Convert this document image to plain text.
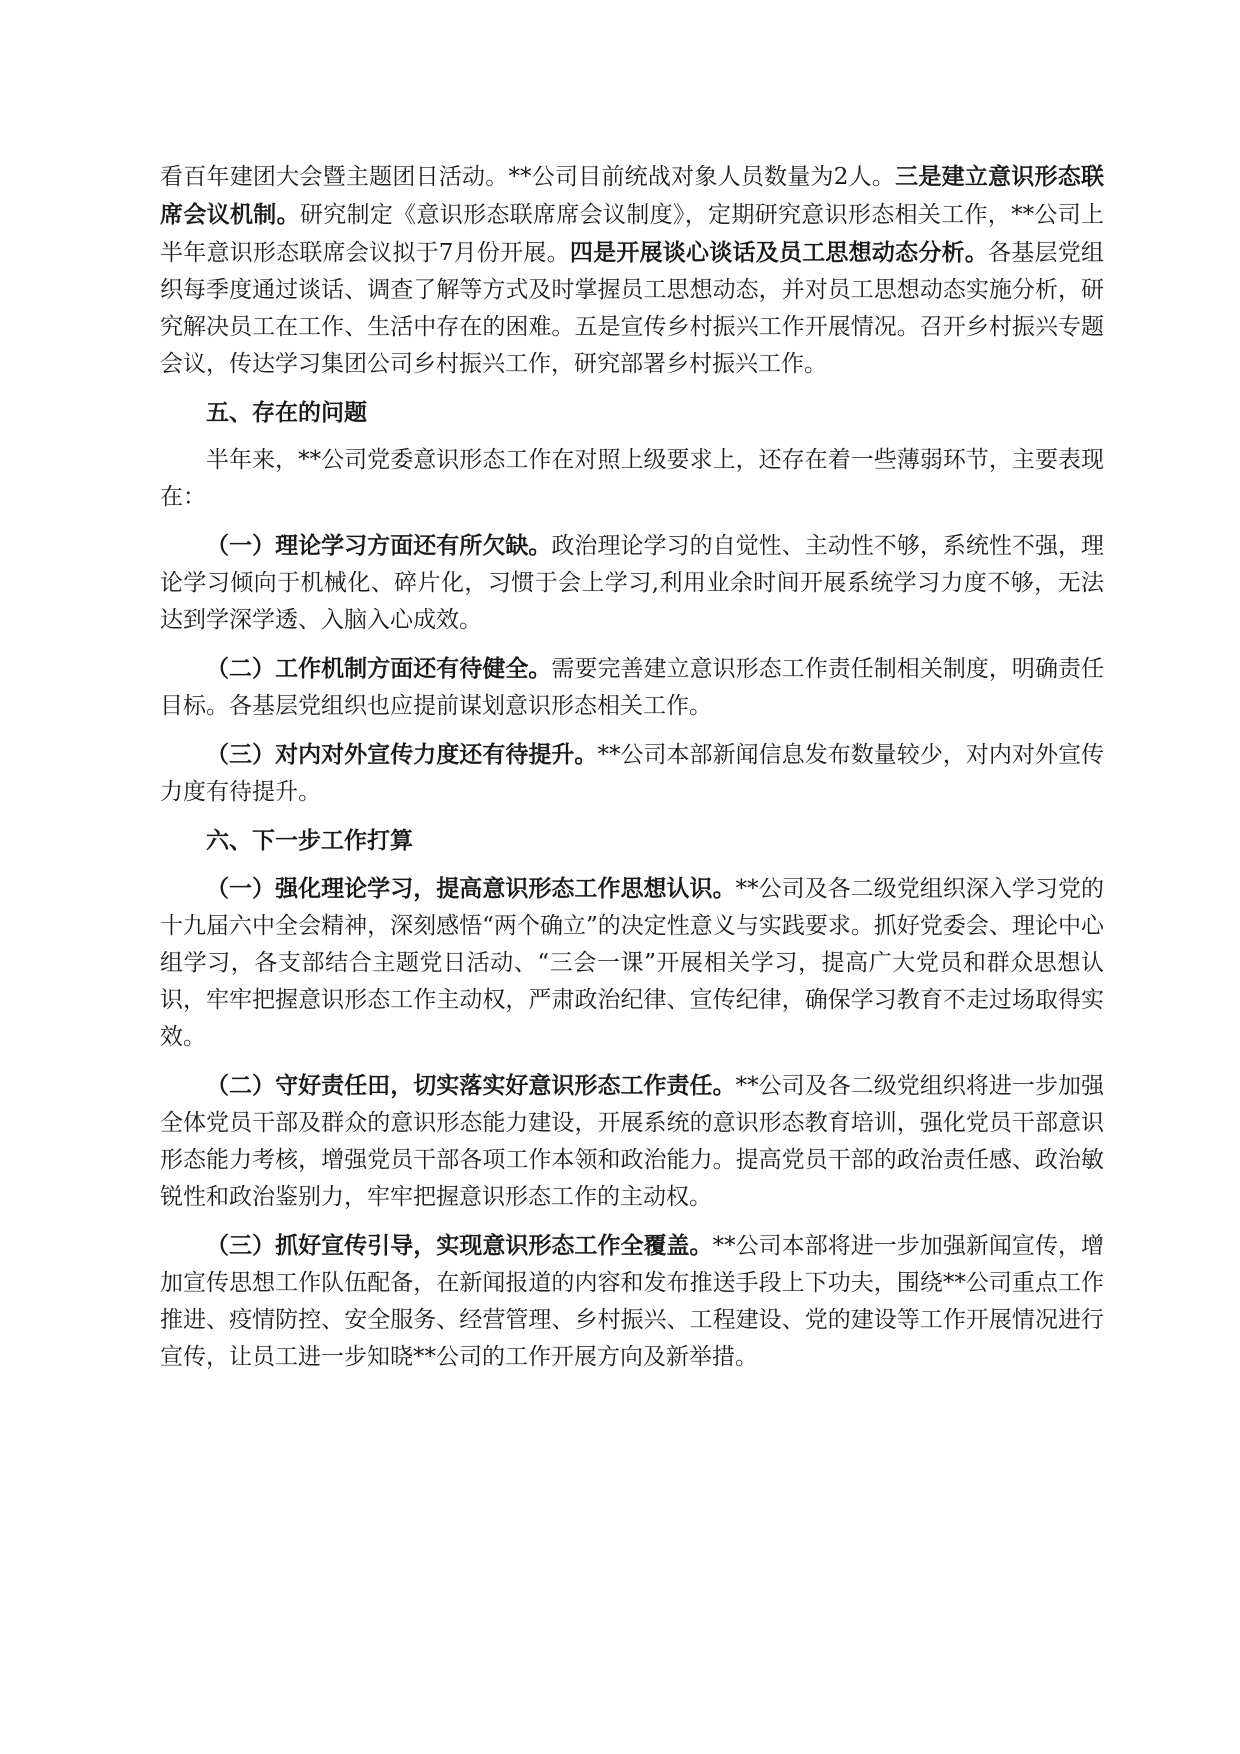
看百年建团大会暨主题团日活动。**公司目前统战对象人员数量为2人。三是建立意识形态联席会议机制。研究制定《意识形态联席席会议制度》，定期研究意识形态相关工作，**公司上半年意识形态联席会议拟于7月份开展。四是开展谈心谈话及员工思想动态分析。各基层党组织每季度通过谈话、调查了解等方式及时掌握员工思想动态，并对员工思想动态实施分析，研究解决员工在工作、生活中存在的困难。五是宣传乡村振兴工作开展情况。召开乡村振兴专题会议，传达学习集团公司乡村振兴工作，研究部署乡村振兴工作。

五、存在的问题

半年来，**公司党委意识形态工作在对照上级要求上，还存在着一些薄弱环节，主要表现在：

（一）理论学习方面还有所欠缺。政治理论学习的自觉性、主动性不够，系统性不强，理论学习倾向于机械化、碎片化，习惯于会上学习,利用业余时间开展系统学习力度不够，无法达到学深学透、入脑入心成效。

（二）工作机制方面还有待健全。需要完善建立意识形态工作责任制相关制度，明确责任目标。各基层党组织也应提前谋划意识形态相关工作。

（三）对内对外宣传力度还有待提升。**公司本部新闻信息发布数量较少，对内对外宣传力度有待提升。

六、下一步工作打算

（一）强化理论学习，提高意识形态工作思想认识。**公司及各二级党组织深入学习党的十九届六中全会精神，深刻感悟“两个确立”的决定性意义与实践要求。抓好党委会、理论中心组学习，各支部结合主题党日活动、“三会一课”开展相关学习，提高广大党员和群众思想认识，牢牢把握意识形态工作主动权，严肃政治纪律、宣传纪律，确保学习教育不走过场取得实效。

（二）守好责任田，切实落实好意识形态工作责任。**公司及各二级党组织将进一步加强全体党员干部及群众的意识形态能力建设，开展系统的意识形态教育培训，强化党员干部意识形态能力考核，增强党员干部各项工作本领和政治能力。提高党员干部的政治责任感、政治敏锐性和政治鉴别力，牢牢把握意识形态工作的主动权。

（三）抓好宣传引导，实现意识形态工作全覆盖。**公司本部将进一步加强新闻宣传，增加宣传思想工作队伍配备，在新闻报道的内容和发布推送手段上下功夫，围绕**公司重点工作推进、疫情防控、安全服务、经营管理、乡村振兴、工程建设、党的建设等工作开展情况进行宣传，让员工进一步知晓**公司的工作开展方向及新举措。
